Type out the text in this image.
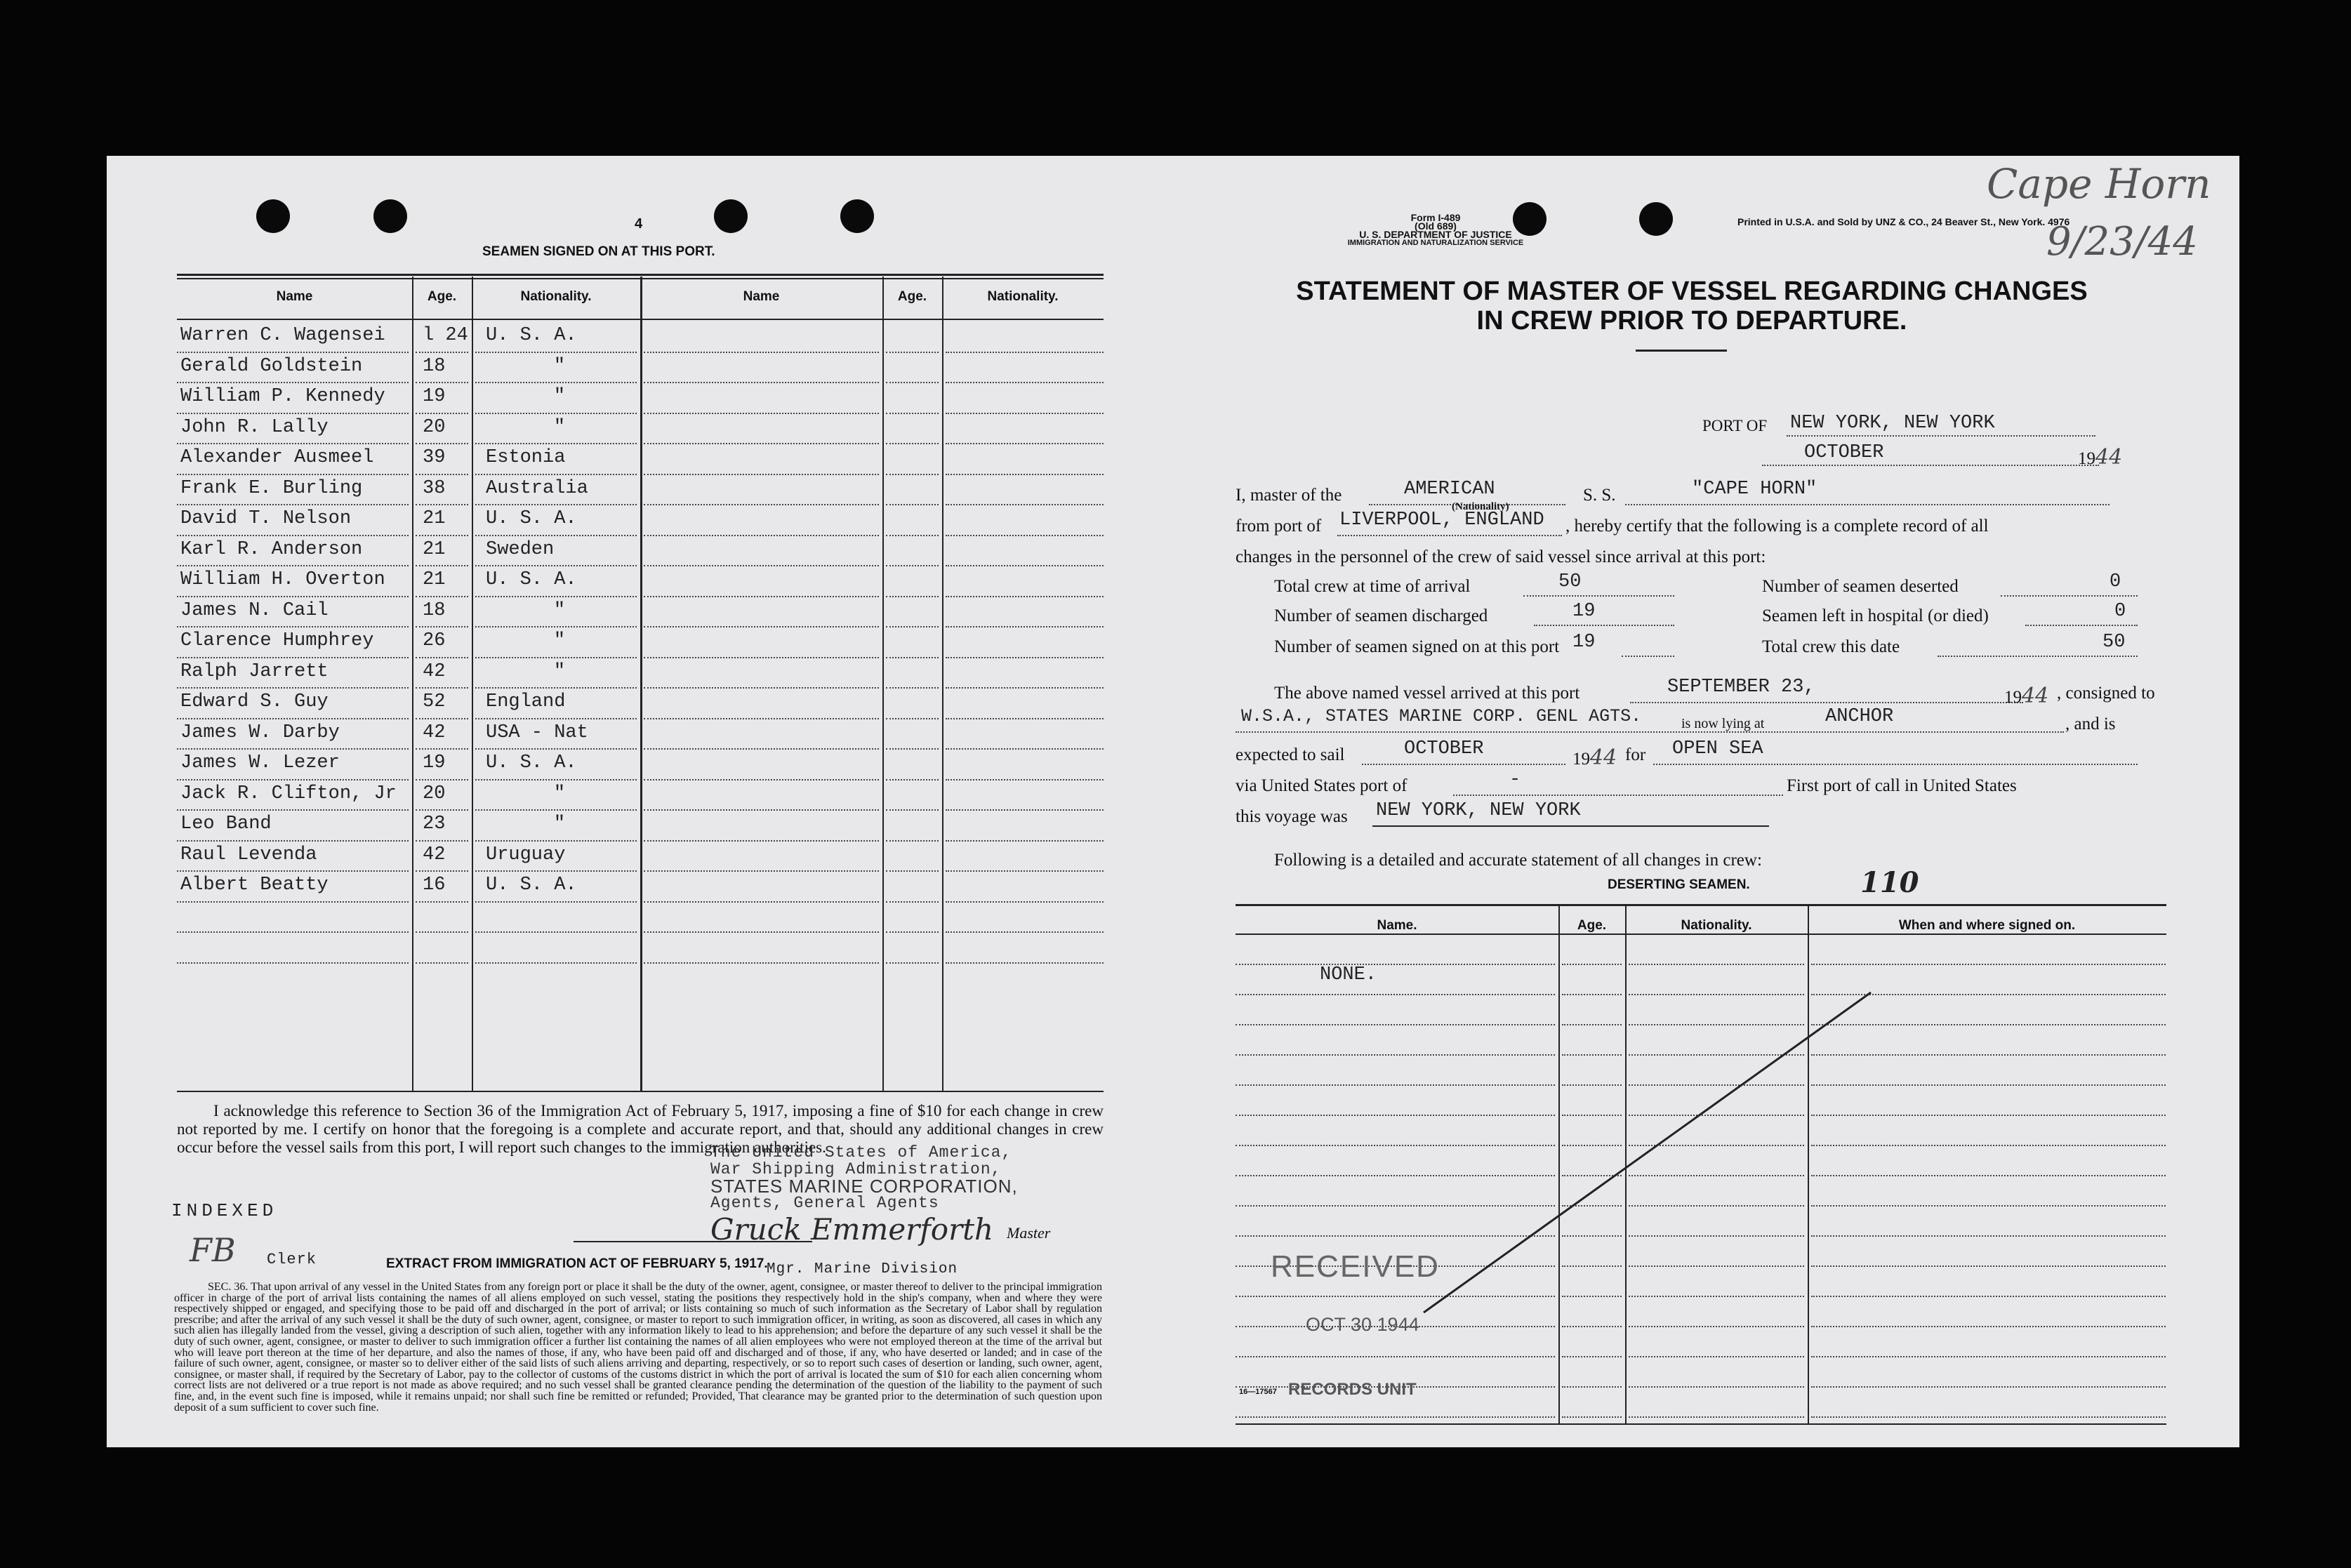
4
SEAMEN SIGNED ON AT THIS PORT.
Name	Age.	Nationality.	Name	Age.	Nationality.
Warren C. Wagensei l 24 U. S. A.
Gerald Goldstein	18	"
William P. Kennedy 19	"
John R. Lally	20	"
Alexander Ausmeel	39 Estonia
Frank E. Burling	38 Australia
David T. Nelson	21 U. S. A.
Karl R. Anderson	21 Sweden
William H. Overton 21 U. S. A.
James N. Cail	18	"
Clarence Humphrey	26	"
Ralph Jarrett	42	"
Edward S. Guy	52 England
James W. Darby	42 USA - Nat
James W. Lezer	19 U. S. A.
Jack R. Clifton, Jr 20	"
Leo Band	23	"
Raul Levenda	42 Uruguay
Albert Beatty	16 U. S. A.
I acknowledge this reference to Section 36 of the Immigration Act of February 5, 1917, imposing a fine of $10 for each change in crew not reported by me. I certify on honor that the foregoing is a complete and accurate report, and that, should any additional changes in crew occur before the vessel sails from this port, I will report such changes to the immigration authorities.
The United States of America,
War Shipping Administration,
STATES MARINE CORPORATION,
Agents, General Agents
INDEXED
FB Clerk
Gruck Emmerforth Master
EXTRACT FROM IMMIGRATION ACT OF FEBRUARY 5, 1917.
Mgr. Marine Division
SEC. 36. That upon arrival of any vessel in the United States from any foreign port or place it shall be the duty of the owner, agent, consignee, or master thereof to deliver to the principal immigration officer in charge of the port of arrival lists containing the names of all aliens employed on such vessel, stating the positions they respectively hold in the ship's company, when and where they were respectively shipped or engaged, and specifying those to be paid off and discharged in the port of arrival; or lists containing so much of such information as the Secretary of Labor shall by regulation prescribe; and after the arrival of any such vessel it shall be the duty of such owner, agent, consignee, or master to report to such immigration officer, in writing, as soon as discovered, all cases in which any such alien has illegally landed from the vessel, giving a description of such alien, together with any information likely to lead to his apprehension; and before the departure of any such vessel it shall be the duty of such owner, agent, consignee, or master to deliver to such immigration officer a further list containing the names of all alien employees who were not employed thereon at the time of the arrival but who will leave port thereon at the time of her departure, and also the names of those, if any, who have been paid off and discharged and of those, if any, who have deserted or landed; and in case of the failure of such owner, agent, consignee, or master so to deliver either of the said lists of such aliens arriving and departing, respectively, or so to report such cases of desertion or landing, such owner, agent, consignee, or master shall, if required by the Secretary of Labor, pay to the collector of customs of the customs district in which the port of arrival is located the sum of $10 for each alien concerning whom correct lists are not delivered or a true report is not made as above required; and no such vessel shall be granted clearance pending the determination of the question of the liability to the payment of such fine, and, in the event such fine is imposed, while it remains unpaid; nor shall such fine be remitted or refunded; Provided, That clearance may be granted prior to the determination of such question upon deposit of a sum sufficient to cover such fine.
Form I-489
(Old 689)
U. S. DEPARTMENT OF JUSTICE
IMMIGRATION AND NATURALIZATION SERVICE
Printed in U.S.A. and Sold by UNZ & CO., 24 Beaver St., New York. 4976
Cape Horn
9/23/44
STATEMENT OF MASTER OF VESSEL REGARDING CHANGES
IN CREW PRIOR TO DEPARTURE.
PORT OF NEW YORK, NEW YORK
OCTOBER	1944
I, master of the	AMERICAN
(Nationality)
S. S.	"CAPE HORN"
from port of LIVERPOOL, ENGLAND , hereby certify that the following is a complete record of all
changes in the personnel of the crew of said vessel since arrival at this port:
Total crew at time of arrival	50	Number of seamen deserted	0
Number of seamen discharged	19	Seamen left in hospital (or died)	0
Number of seamen signed on at this port 19	Total crew this date	50
The above named vessel arrived at this port	SEPTEMBER 23,	1944 , consigned to
W.S.A., STATES MARINE CORP. GENL AGTS.	is now lying at	ANCHOR	, and is
expected to sail	OCTOBER	1944 for OPEN SEA
via United States port of	-	First port of call in United States
this voyage was NEW YORK, NEW YORK
Following is a detailed and accurate statement of all changes in crew:
DESERTING SEAMEN.	110
Name.	Age.	Nationality.	When and where signed on.
NONE.
RECEIVED
OCT 30 1944
RECORDS UNIT
16—17567
